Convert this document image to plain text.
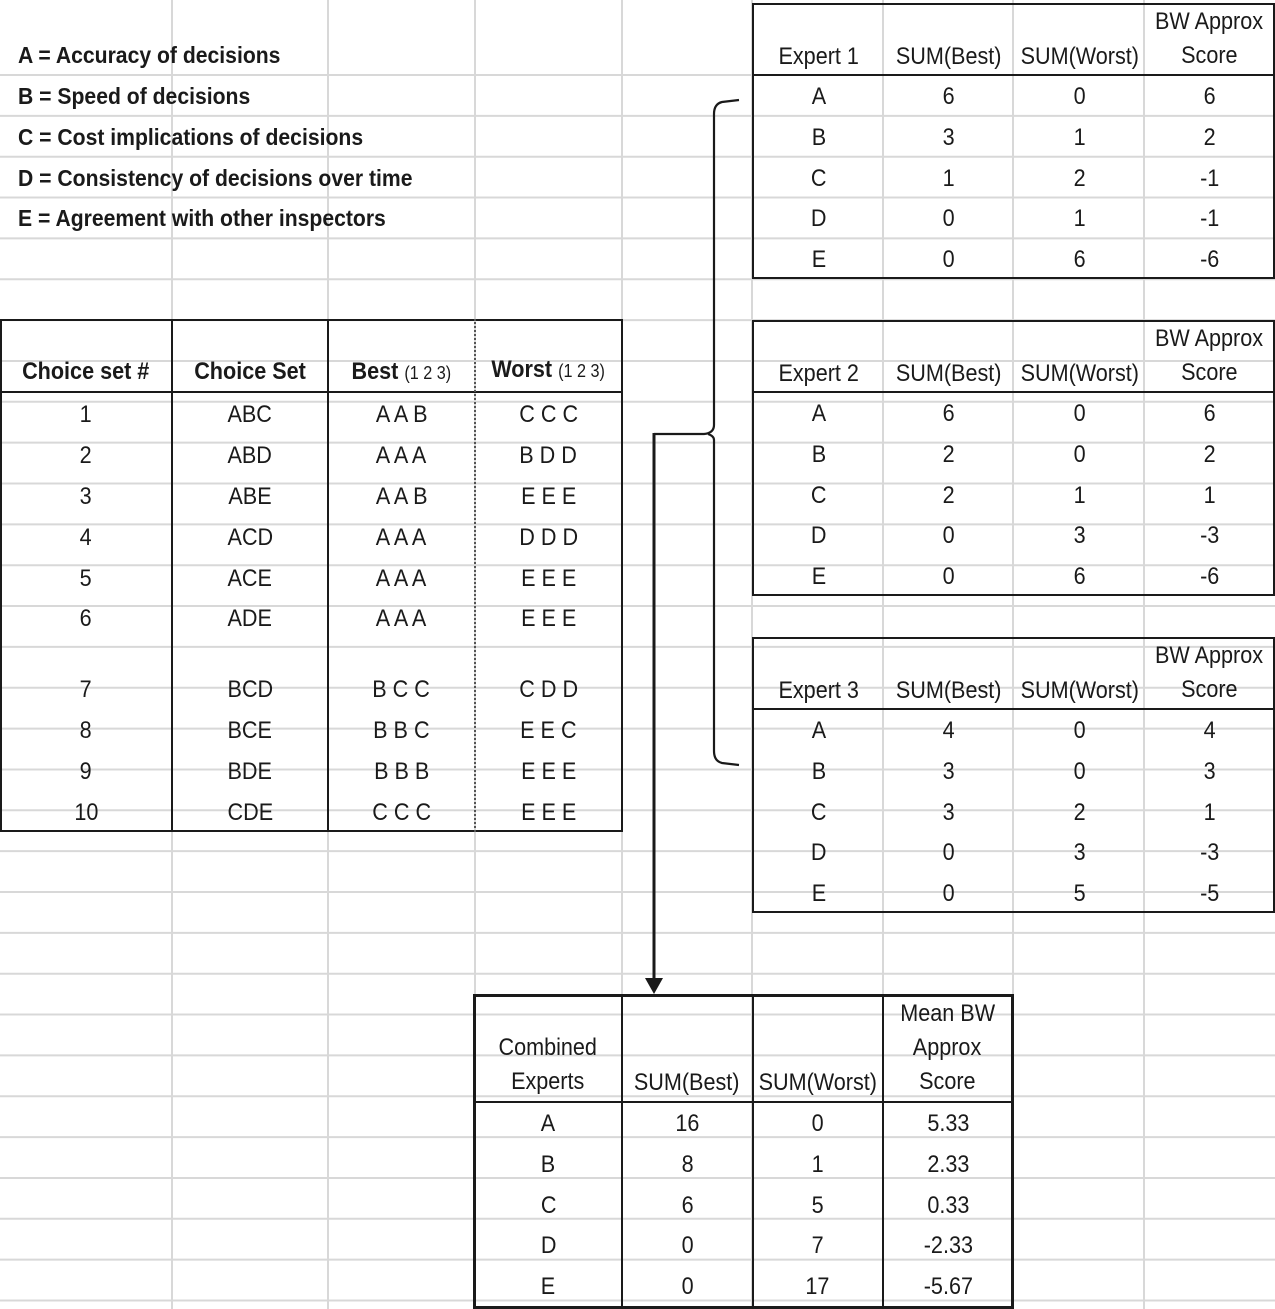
A = Accuracy of decisions
B = Speed of decisions
C = Cost implications of decisions
D = Consistency of decisions over time
E = Agreement with other inspectors
Choice set # Choice Set Best (1 2 3) Worst (1 2 3)
1	ABC	A A B	C C C
2	ABD	A A A	B D D
3	ABE	A A B	E E E
4	ACD	A A A	D D D
5	ACE	A A A	E E E
6	ADE	A A A	E E E
7	BCD	B C C	C D D
8	BCE	B B C	E E C
9	BDE	B B B	E E E
10	CDE	C C C	E E E
Expert 1 SUM(Best) SUM(Worst)
BW Approx
Score
A	6	0	6
B	3	1	2
C	1	2	-1
D	0	1	-1
E	0	6	-6
Expert 2 SUM(Best) SUM(Worst)
BW Approx
Score
A	6	0	6
B	2	0	2
C	2	1	1
D	0	3	-3
E	0	6	-6
Expert 3 SUM(Best) SUM(Worst)
BW Approx
Score
A	4	0	4
B	3	0	3
C	3	2	1
D	0	3	-3
E	0	5	-5
Combined
Experts SUM(Best) SUM(Worst)
Mean BW
Approx
Score
A	16	0	5.33
B	8	1	2.33
C	6	5	0.33
D	0	7	-2.33
E	0	17	-5.67
